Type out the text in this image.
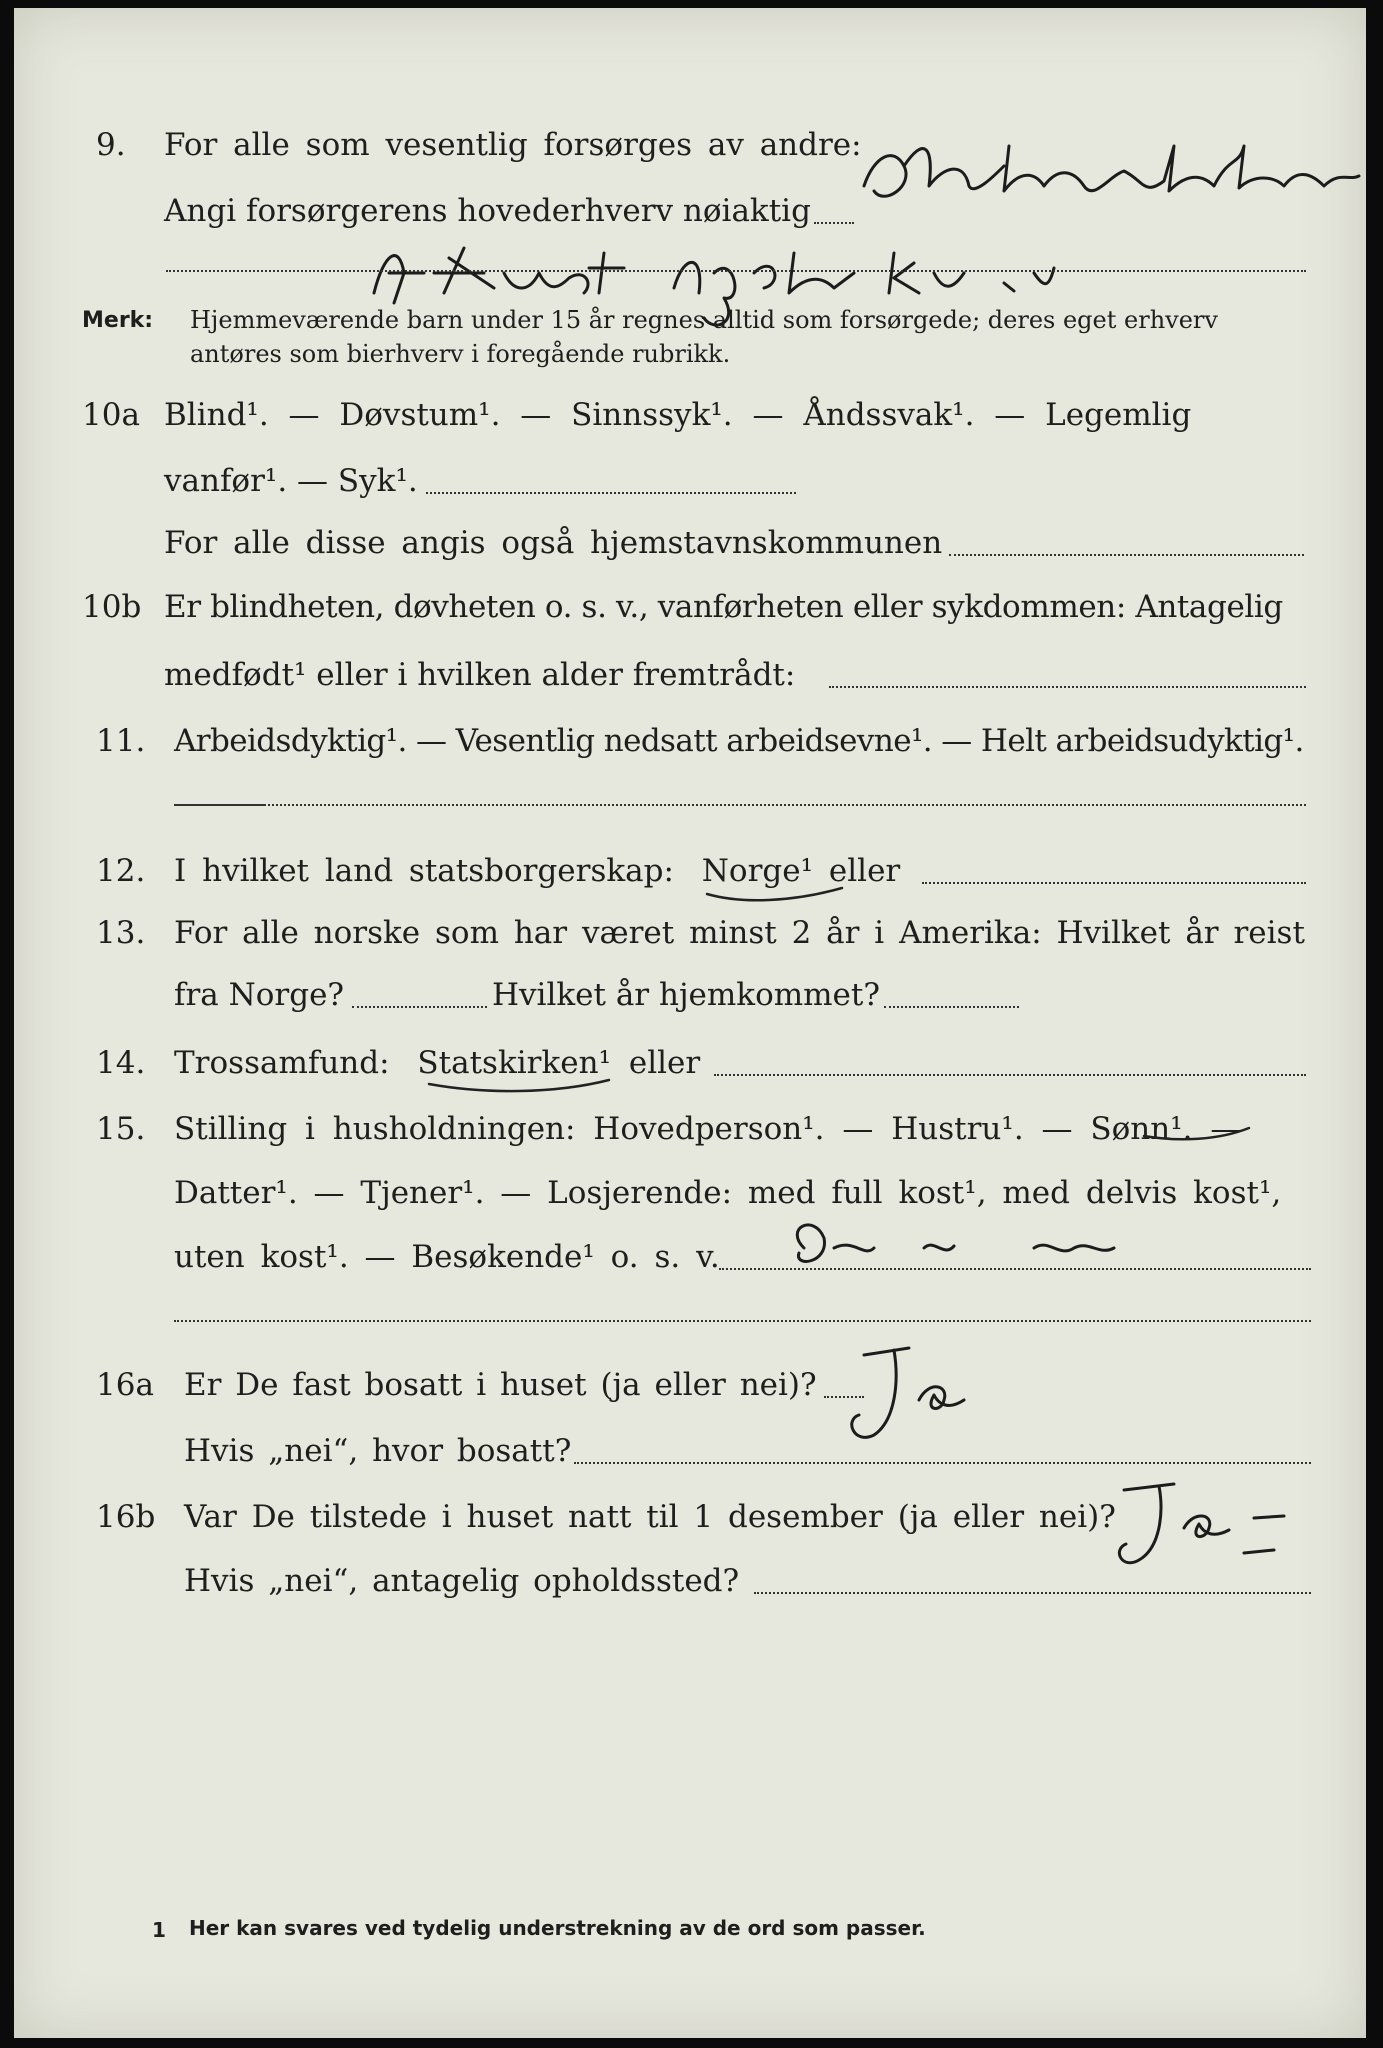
9. For alle som vesentlig forsørges av andre:
Angi forsørgerens hovederhverv nøiaktig
Merk: Hjemmeværende barn under 15 år regnes alltid som forsørgede; deres eget erhverv
antøres som bierhverv i foregående rubrikk.
10a Blind¹. — Døvstum¹. — Sinnssyk¹. — Åndssvak¹. — Legemlig
vanfør¹. — Syk¹.
For alle disse angis også hjemstavnskommunen
10b Er blindheten, døvheten o. s. v., vanførheten eller sykdommen: Antagelig
medfødt¹ eller i hvilken alder fremtrådt:
11. Arbeidsdyktig¹. — Vesentlig nedsatt arbeidsevne¹. — Helt arbeidsudyktig¹.
12. I hvilket land statsborgerskap: Norge¹ eller
13. For alle norske som har været minst 2 år i Amerika: Hvilket år reist
fra Norge?	Hvilket år hjemkommet?
14. Trossamfund: Statskirken¹ eller
15. Stilling i husholdningen: Hovedperson¹. — Hustru¹. — Sønn¹. —
Datter¹. — Tjener¹. — Losjerende: med full kost¹, med delvis kost¹,
uten kost¹. — Besøkende¹ o. s. v.
16a Er De fast bosatt i huset (ja eller nei)?
Hvis „nei“, hvor bosatt?
16b Var De tilstede i huset natt til 1 desember (ja eller nei)?
Hvis „nei“, antagelig opholdssted?
1 Her kan svares ved tydelig understrekning av de ord som passer.
